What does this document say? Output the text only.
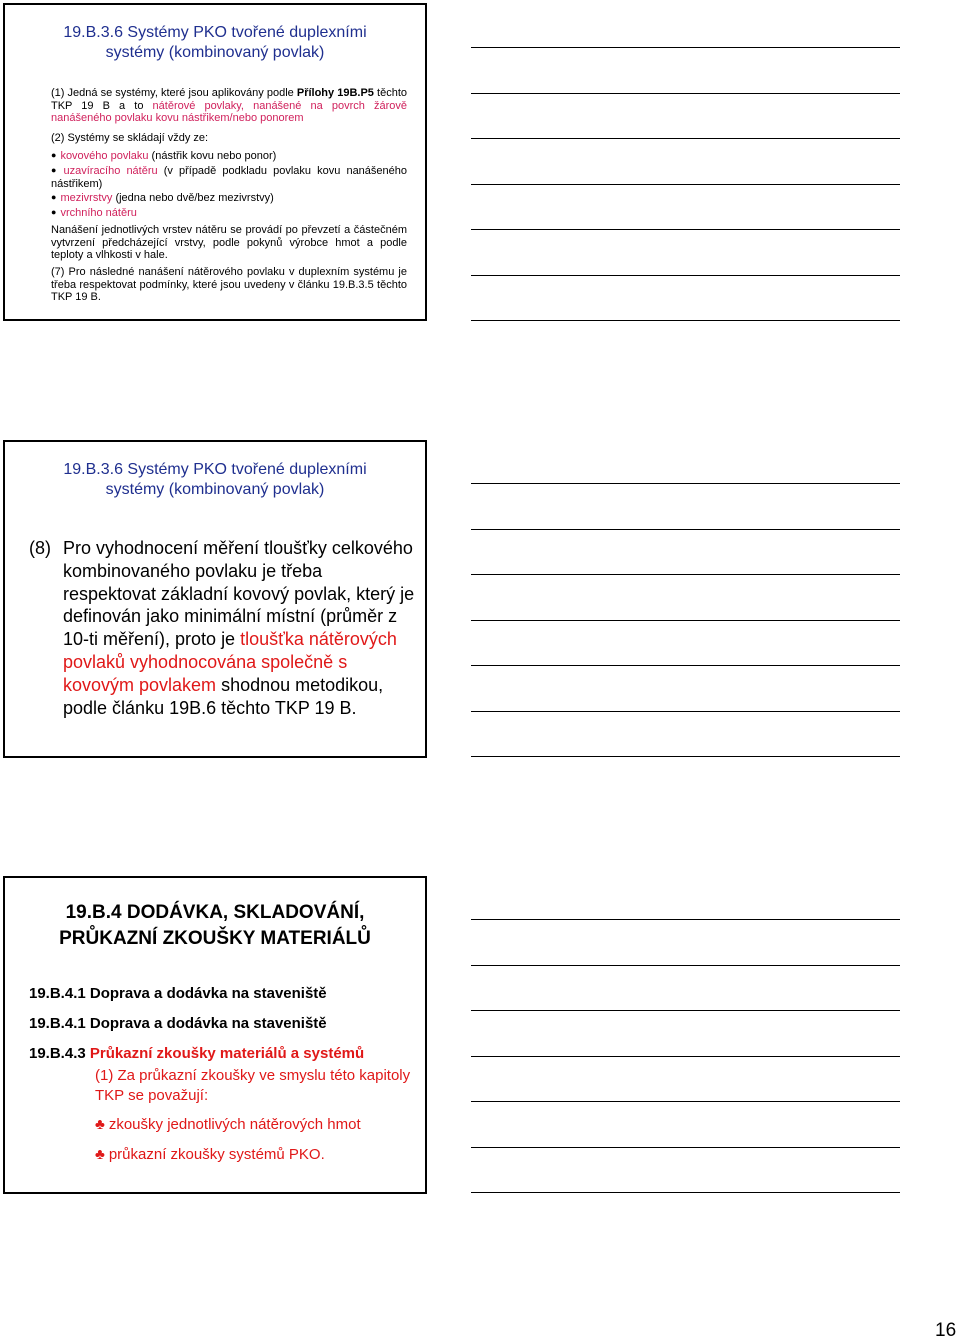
19.B.3.6 Systémy PKO tvořené duplexními
systémy (kombinovaný povlak)
(1) Jedná se systémy, které jsou aplikovány podle Přílohy 19B.P5 těchto TKP 19 B a to nátěrové povlaky, nanášené na povrch žárově nanášeného povlaku kovu nástřikem/nebo ponorem
(2) Systémy se skládají vždy ze:
● kovového povlaku (nástřik kovu nebo ponor)
● uzavíracího nátěru (v případě podkladu povlaku kovu nanášeného nástřikem)
● mezivrstvy (jedna nebo dvě/bez mezivrstvy)
● vrchního nátěru
Nanášení jednotlivých vrstev nátěru se provádí po převzetí a částečném vytvrzení předcházející vrstvy, podle pokynů výrobce hmot a podle teploty a vlhkosti v hale.
(7) Pro následné nanášení nátěrového povlaku v duplexním systému je třeba respektovat podmínky, které jsou uvedeny v článku 19.B.3.5 těchto TKP 19 B.
19.B.3.6 Systémy PKO tvořené duplexními
systémy (kombinovaný povlak)
(8) Pro vyhodnocení měření tloušťky celkového kombinovaného povlaku je třeba respektovat základní kovový povlak, který je definován jako minimální místní (průměr z 10-ti měření), proto je tloušťka nátěrových povlaků vyhodnocována společně s kovovým povlakem shodnou metodikou, podle článku 19B.6 těchto TKP 19 B.
19.B.4 DODÁVKA, SKLADOVÁNÍ,
PRŮKAZNÍ ZKOUŠKY MATERIÁLŮ
19.B.4.1 Doprava a dodávka na staveniště
19.B.4.1 Doprava a dodávka na staveniště
19.B.4.3 Průkazní zkoušky materiálů a systémů
(1) Za průkazní zkoušky ve smyslu této kapitoly TKP se považují:
♣ zkoušky jednotlivých nátěrových hmot
♣ průkazní zkoušky systémů PKO.
16
